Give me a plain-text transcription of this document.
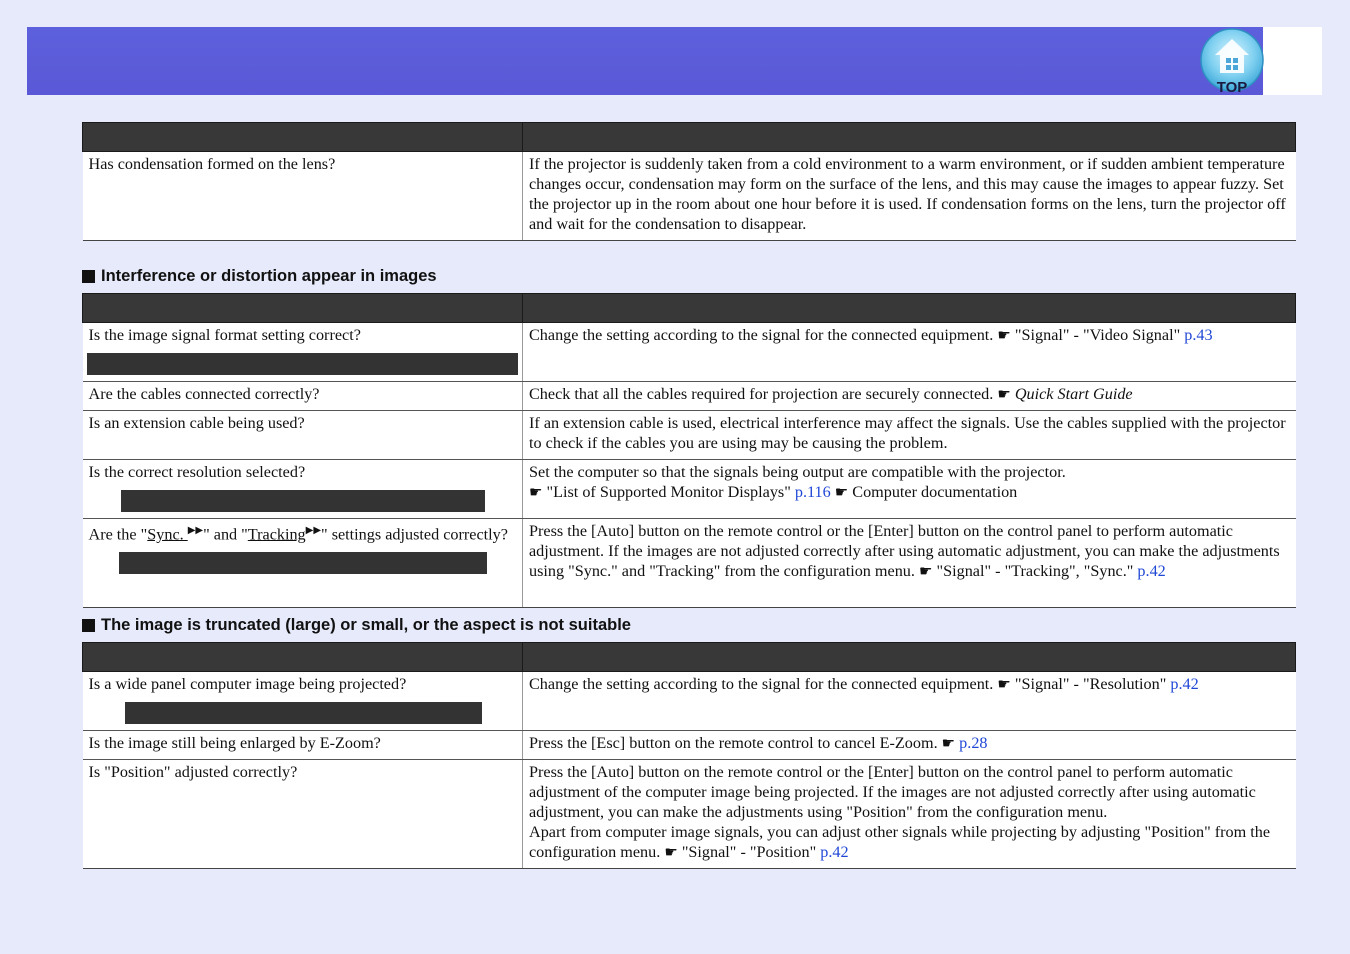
TOP

Has condensation formed on the lens?	If the projector is suddenly taken from a cold environment to a warm environment, or if sudden ambient temperature changes occur, condensation may form on the surface of the lens, and this may cause the images to appear fuzzy. Set the projector up in the room about one hour before it is used. If condensation forms on the lens, turn the projector off and wait for the condensation to disappear.
Interference or distortion appear in images

Is the image signal format setting correct?	Change the setting according to the signal for the connected equipment. ☛ "Signal" - "Video Signal" p.43
Are the cables connected correctly?	Check that all the cables required for projection are securely connected. ☛ Quick Start Guide
Is an extension cable being used?	If an extension cable is used, electrical interference may affect the signals. Use the cables supplied with the projector to check if the cables you are using may be causing the problem.

Is the correct resolution selected?	Set the computer so that the signals being output are compatible with the projector.
☛ "List of Supported Monitor Displays" p.116 ☛ Computer documentation

Are the "Sync. ▶▶" and "Tracking▶▶" settings adjusted correctly?	Press the [Auto] button on the remote control or the [Enter] button on the control panel to perform automatic adjustment. If the images are not adjusted correctly after using automatic adjustment, you can make the adjustments using "Sync." and "Tracking" from the configuration menu. ☛ "Signal" - "Tracking", "Sync." p.42
The image is truncated (large) or small, or the aspect is not suitable

Is a wide panel computer image being projected?	Change the setting according to the signal for the connected equipment. ☛ "Signal" - "Resolution" p.42
Is the image still being enlarged by E-Zoom?	Press the [Esc] button on the remote control to cancel E-Zoom. ☛ p.28
Is "Position" adjusted correctly?	Press the [Auto] button on the remote control or the [Enter] button on the control panel to perform automatic adjustment of the computer image being projected. If the images are not adjusted correctly after using automatic adjustment, you can make the adjustments using "Position" from the configuration menu.
Apart from computer image signals, you can adjust other signals while projecting by adjusting "Position" from the configuration menu. ☛ "Signal" - "Position" p.42
